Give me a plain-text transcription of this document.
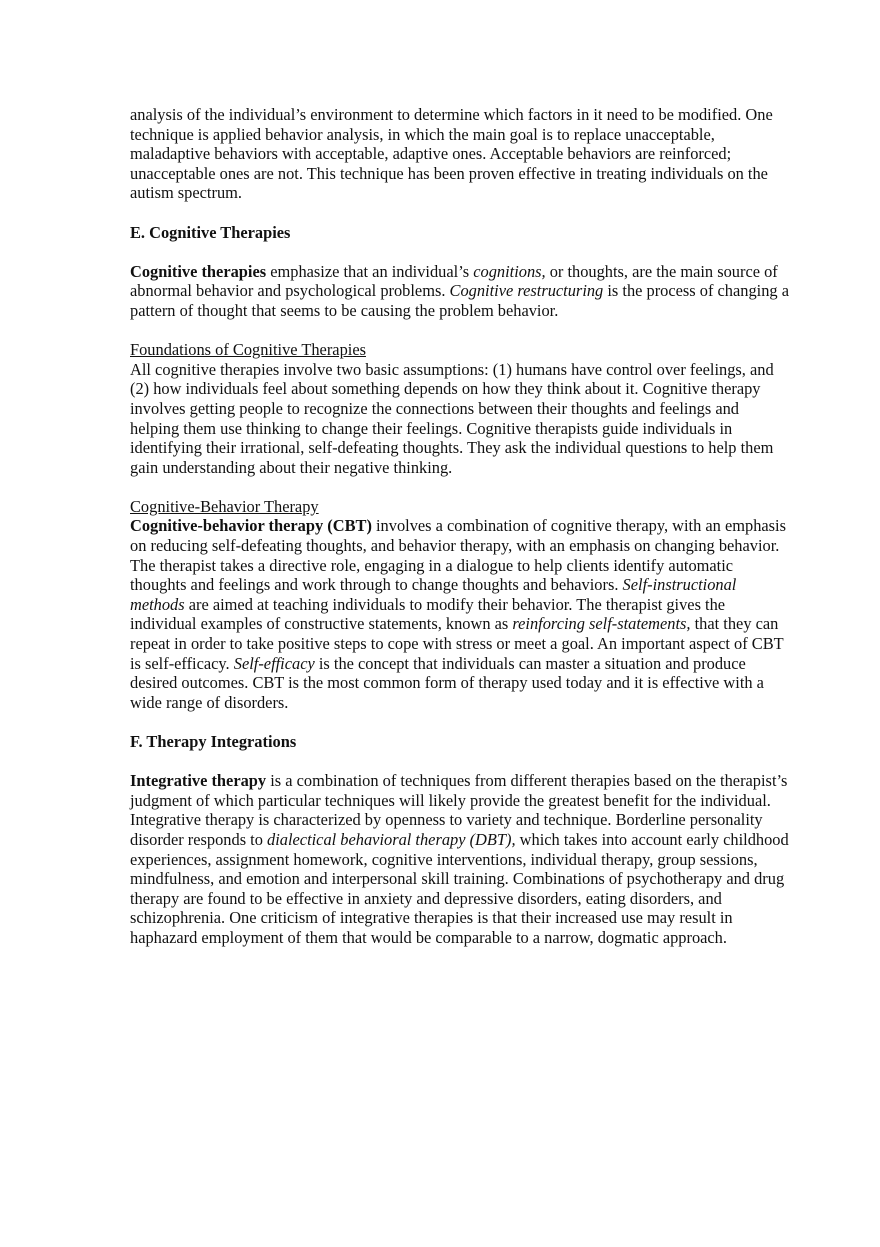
analysis of the individual’s environment to determine which factors in it need to be modified. One technique is applied behavior analysis, in which the main goal is to replace unacceptable, maladaptive behaviors with acceptable, adaptive ones. Acceptable behaviors are reinforced; unacceptable ones are not. This technique has been proven effective in treating individuals on the autism spectrum.

E. Cognitive Therapies

Cognitive therapies emphasize that an individual’s cognitions, or thoughts, are the main source of abnormal behavior and psychological problems. Cognitive restructuring is the process of changing a pattern of thought that seems to be causing the problem behavior.

Foundations of Cognitive Therapies

All cognitive therapies involve two basic assumptions: (1) humans have control over feelings, and (2) how individuals feel about something depends on how they think about it. Cognitive therapy involves getting people to recognize the connections between their thoughts and feelings and helping them use thinking to change their feelings. Cognitive therapists guide individuals in identifying their irrational, self-defeating thoughts. They ask the individual questions to help them gain understanding about their negative thinking.

Cognitive-Behavior Therapy

Cognitive-behavior therapy (CBT) involves a combination of cognitive therapy, with an emphasis on reducing self-defeating thoughts, and behavior therapy, with an emphasis on changing behavior. The therapist takes a directive role, engaging in a dialogue to help clients identify automatic thoughts and feelings and work through to change thoughts and behaviors. Self-instructional methods are aimed at teaching individuals to modify their behavior. The therapist gives the individual examples of constructive statements, known as reinforcing self-statements, that they can repeat in order to take positive steps to cope with stress or meet a goal. An important aspect of CBT is self-efficacy. Self-efficacy is the concept that individuals can master a situation and produce desired outcomes. CBT is the most common form of therapy used today and it is effective with a wide range of disorders.

F. Therapy Integrations

Integrative therapy is a combination of techniques from different therapies based on the therapist’s judgment of which particular techniques will likely provide the greatest benefit for the individual. Integrative therapy is characterized by openness to variety and technique. Borderline personality disorder responds to dialectical behavioral therapy (DBT), which takes into account early childhood experiences, assignment homework, cognitive interventions, individual therapy, group sessions, mindfulness, and emotion and interpersonal skill training. Combinations of psychotherapy and drug therapy are found to be effective in anxiety and depressive disorders, eating disorders, and schizophrenia. One criticism of integrative therapies is that their increased use may result in haphazard employment of them that would be comparable to a narrow, dogmatic approach.
